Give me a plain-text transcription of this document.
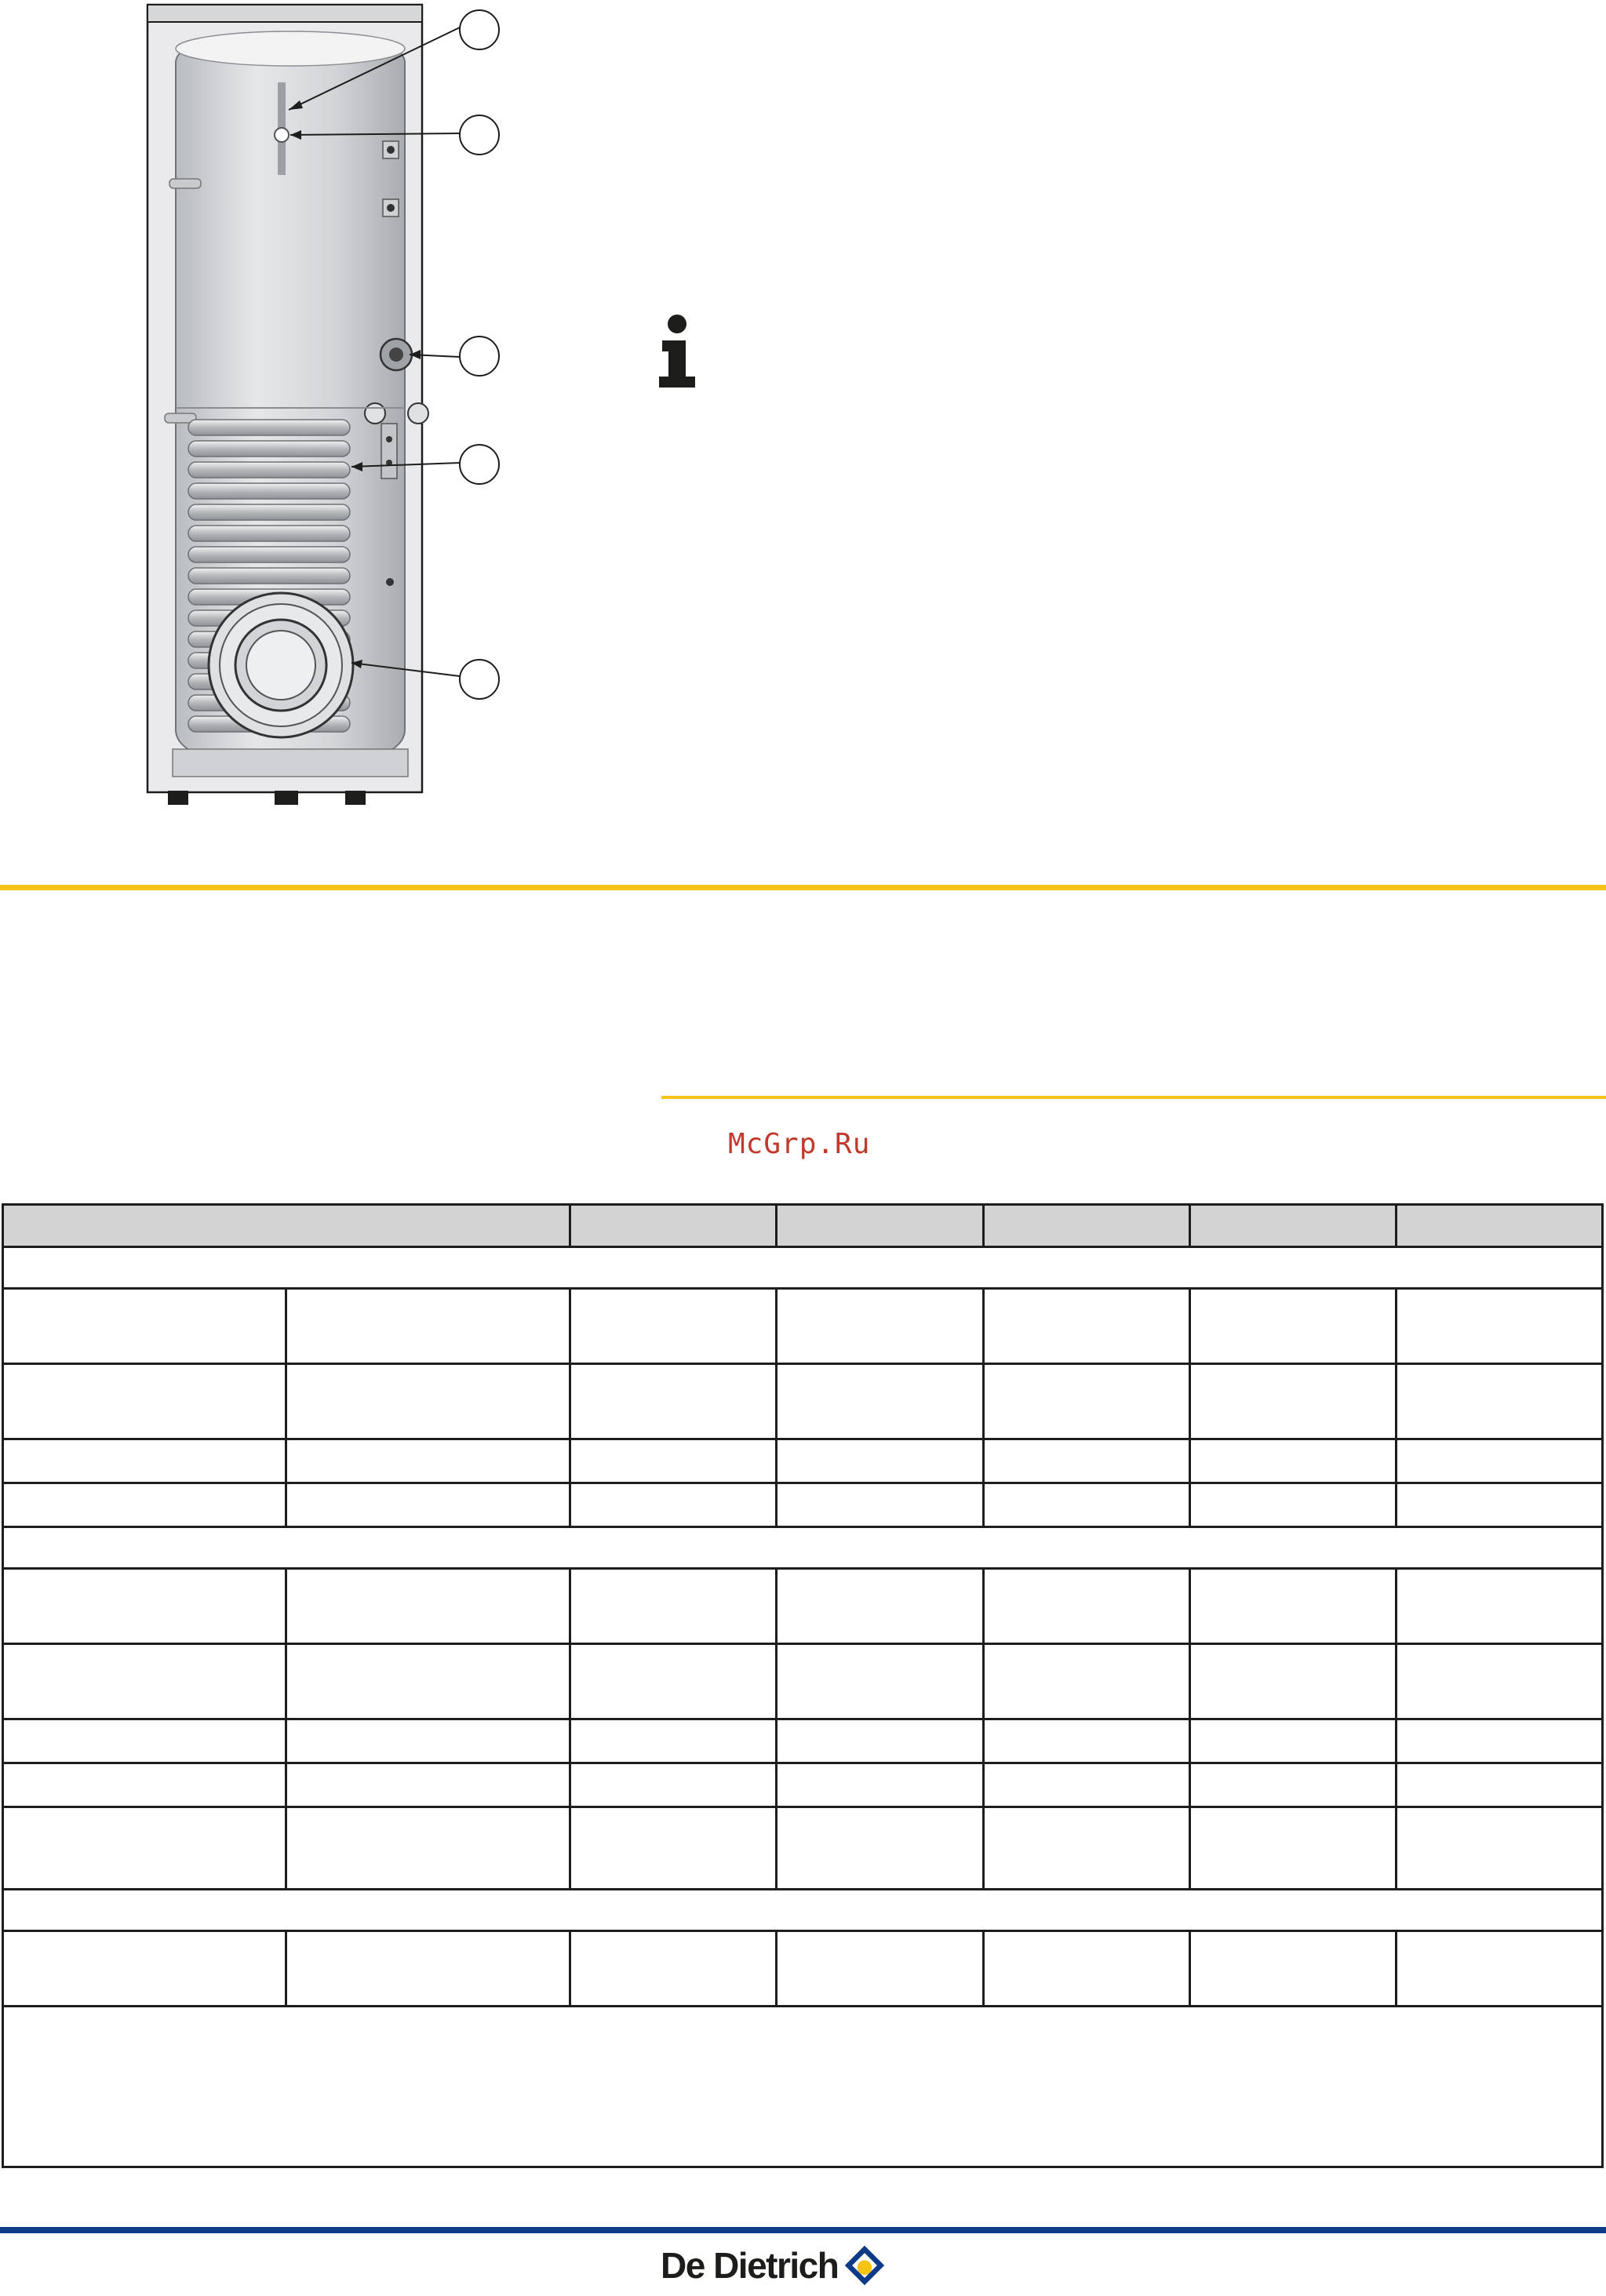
McGrp.Ru

De Dietrich
